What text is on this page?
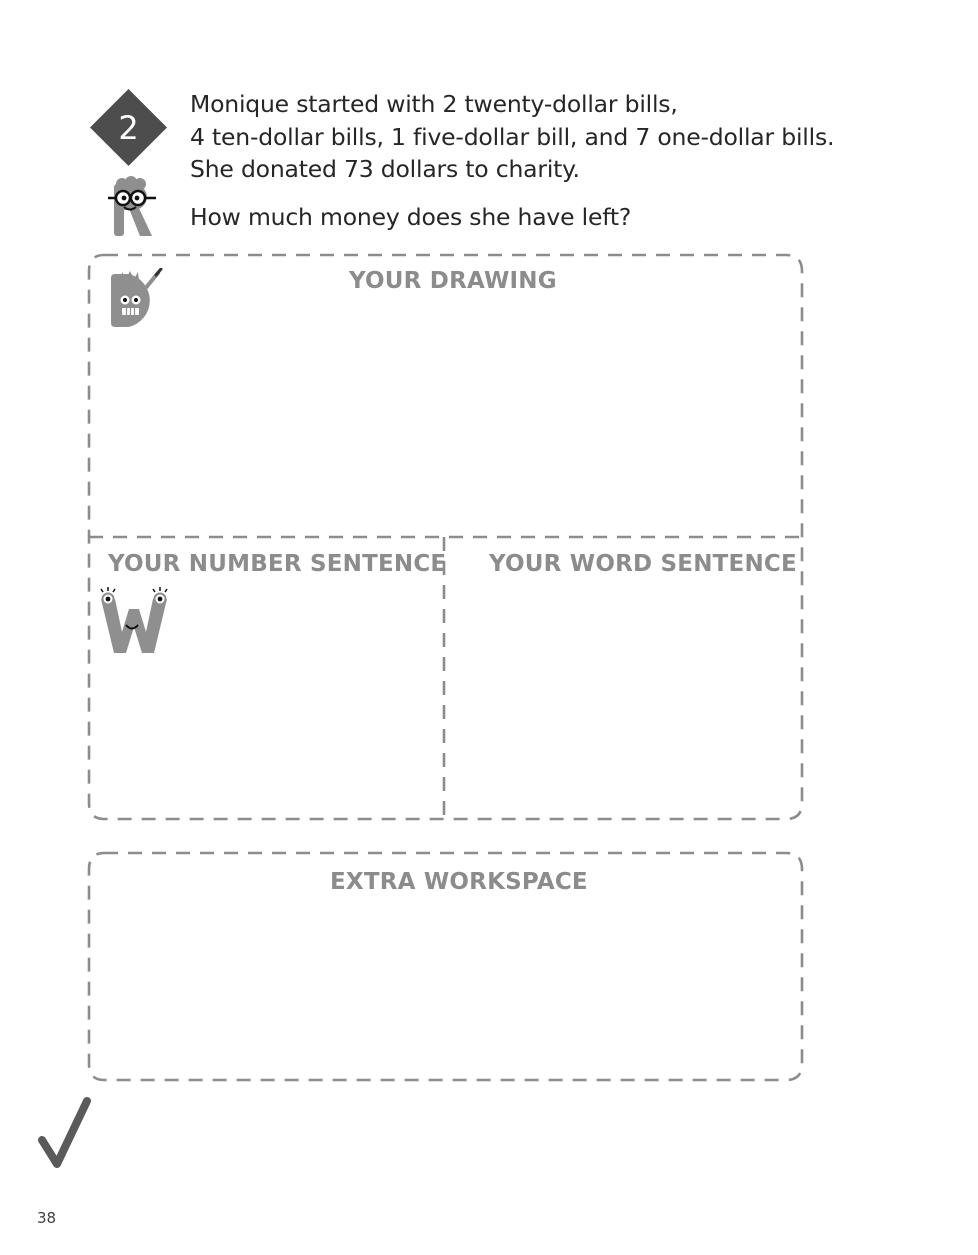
2
Monique started with 2 twenty-dollar bills,
4 ten-dollar bills, 1 five-dollar bill, and 7 one-dollar bills.
She donated 73 dollars to charity.
How much money does she have left?
YOUR DRAWING
YOUR NUMBER SENTENCE YOUR WORD SENTENCE
EXTRA WORKSPACE
38
